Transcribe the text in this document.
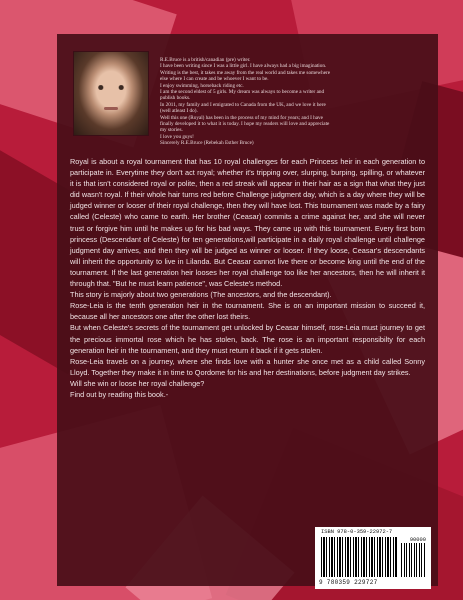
R.E.Bruce is a british/canadian (pre) writer.

I have been writing since I was a little girl. I have always had a big imagination.

Writing is the best, it takes me away from the real world and takes me somewhere

else where I can create and be whoever I want to be.

I enjoy swimming, horseback riding etc.

I am the second eldest of 5 girls. My dream was always to become a writer and

publish books.

In 2011, my family and I emigrated to Canada from the UK, and we love it here

(well atleast I do).

Well this one (Royal) has been in the process of my mind for years; and I have

finally developed it to what it is today. I hope my readers will love and appreciate

my stories.

I love you guys!

Sincerely R.E.Bruce (Rebekah Esther Bruce)

Royal is about a royal tournament that has 10 royal challenges for each Princess heir in each generation to participate in. Everytime they don't act royal; whether it's tripping over, slurping, burping, spilling, or whatever it is that isn't considered royal or polite, then a red streak will appear in their hair as a sign that what they just did wasn't royal. If their whole hair turns red before Challenge judgment day, which is a day where they will be judged winner or looser of their royal challenge, then they will have lost. This tournament was made by a fairy called (Celeste) who came to earth. Her brother (Ceasar) commits a crime against her, and she will never trust or forgive him until he makes up for his bad ways. They came up with this tournament. Every first born princess (Descendant of Celeste) for ten generations,will participate in a daily royal challenge until challenge judgment day arrives, and then they will be judged as winner or looser. If they loose, Ceasar's descendants will inherit the opportunity to live in Lilanda. But Ceasar cannot live there or become king until the end of the tournament. If the last generation heir looses her royal challenge too like her ancestors, then he will inherit it through that. "But he must learn patience", was Celeste's method.

This story is majorly about two generations (The ancestors, and the descendant).

Rose-Leia is the tenth generation heir in the tournament. She is on an important mission to succeed it, because all her ancestors one after the other lost theirs.

But when Celeste's secrets of the tournament get unlocked by Ceasar himself, rose-Leia must journey to get the precious immortal rose which he has stolen, back. The rose is an important responsibilty for each generation heir in the tournament, and they must return it back if it gets stolen.

Rose-Leia travels on a journey, where she finds love with a hunter she once met as a child called Sonny Lloyd. Together they make it in time to Qordome for his and her destinations, before judgment day strikes.

Will she win or loose her royal challenge?

Find out by reading this book.-

ISBN 978-0-359-22972-7
90000
9 780359 229727
